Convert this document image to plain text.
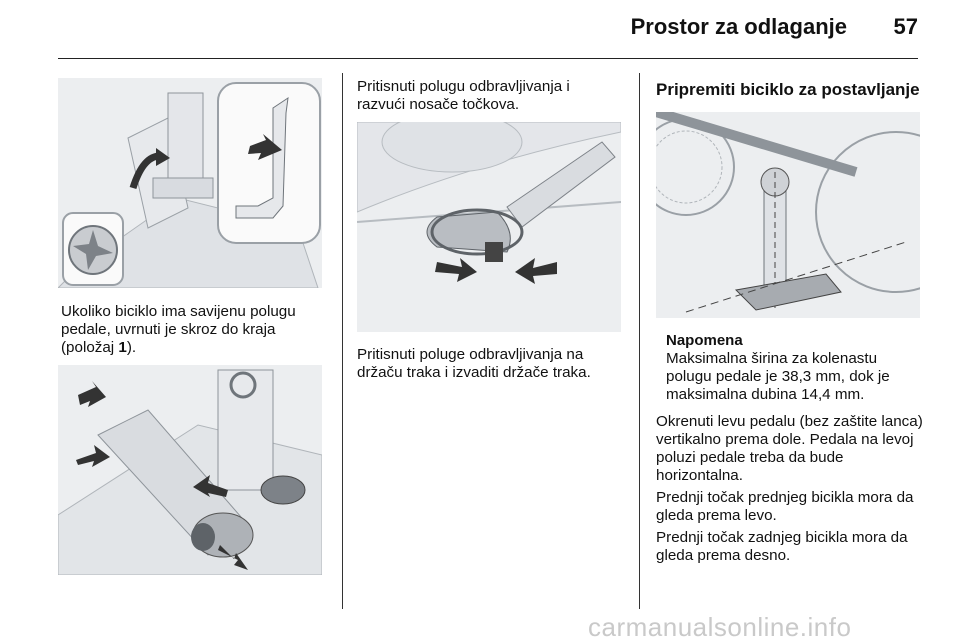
Prostor za odlaganje 57
Ukoliko biciklo ima savijenu polugu pedale, uvrnuti je skroz do kraja (položaj 1).
Pritisnuti polugu odbravljivanja i razvući nosače točkova.
Pritisnuti poluge odbravljivanja na držaču traka i izvaditi držače traka.
Pripremiti biciklo za postavljanje
Napomena
Maksimalna širina za kolenastu polugu pedale je 38,3 mm, dok je maksimalna dubina 14,4 mm.
Okrenuti levu pedalu (bez zaštite lanca) vertikalno prema dole. Pedala na levoj poluzi pedale treba da bude horizontalna.
Prednji točak prednjeg bicikla mora da gleda prema levo.
Prednji točak zadnjeg bicikla mora da gleda prema desno.
carmanualsonline.info
